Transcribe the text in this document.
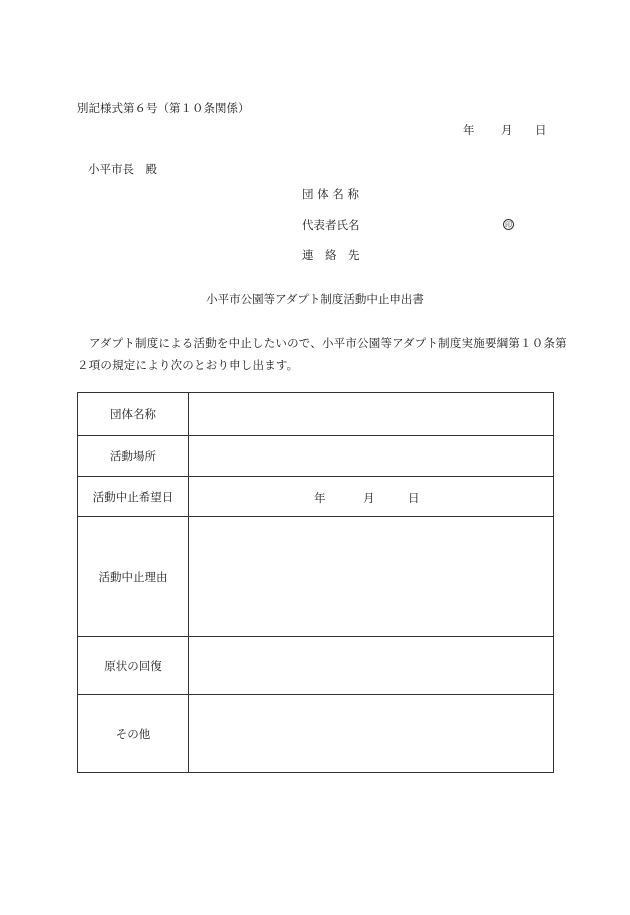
別記様式第６号（第１０条関係）
年 月 日
小平市長　殿
団 体 名 称
代表者氏名	印
連　絡　先
小平市公園等アダプト制度活動中止申出書
アダプト制度による活動を中止したいので、小平市公園等アダプト制度実施要綱第１０条第２項の規定により次のとおり申し出ます。
団体名称	
活動場所	
活動中止希望日	年 月 日

活動中止理由	
原状の回復	
その他	
